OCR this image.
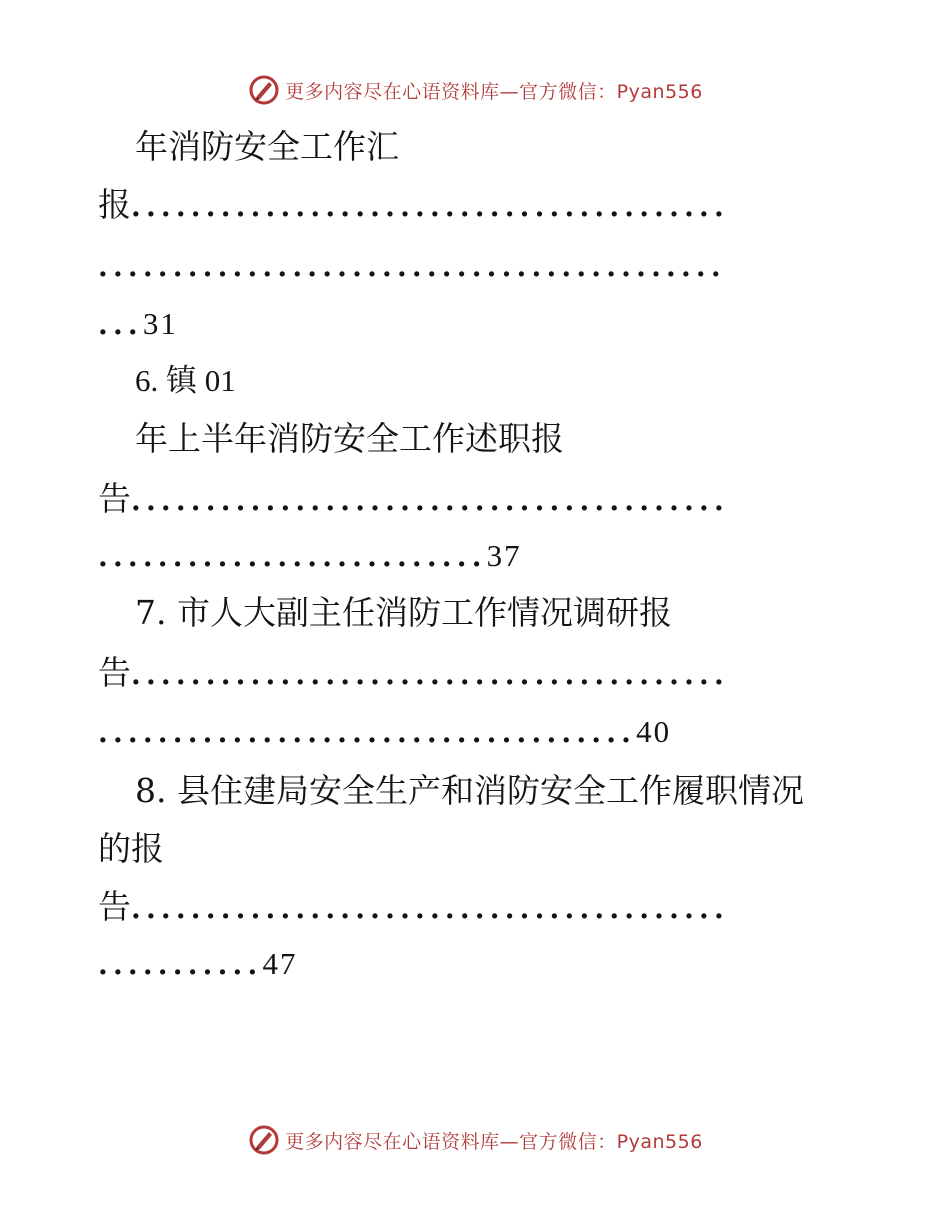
更多内容尽在心语资料库—官方微信：Pyan556
年消防安全工作汇
报........................................
..........................................
...31
6. 镇 01
年上半年消防安全工作述职报
告........................................
..........................37
7. 市人大副主任消防工作情况调研报
告........................................
....................................40
8. 县住建局安全生产和消防安全工作履职情况
的报
告........................................
...........47
更多内容尽在心语资料库—官方微信：Pyan556
